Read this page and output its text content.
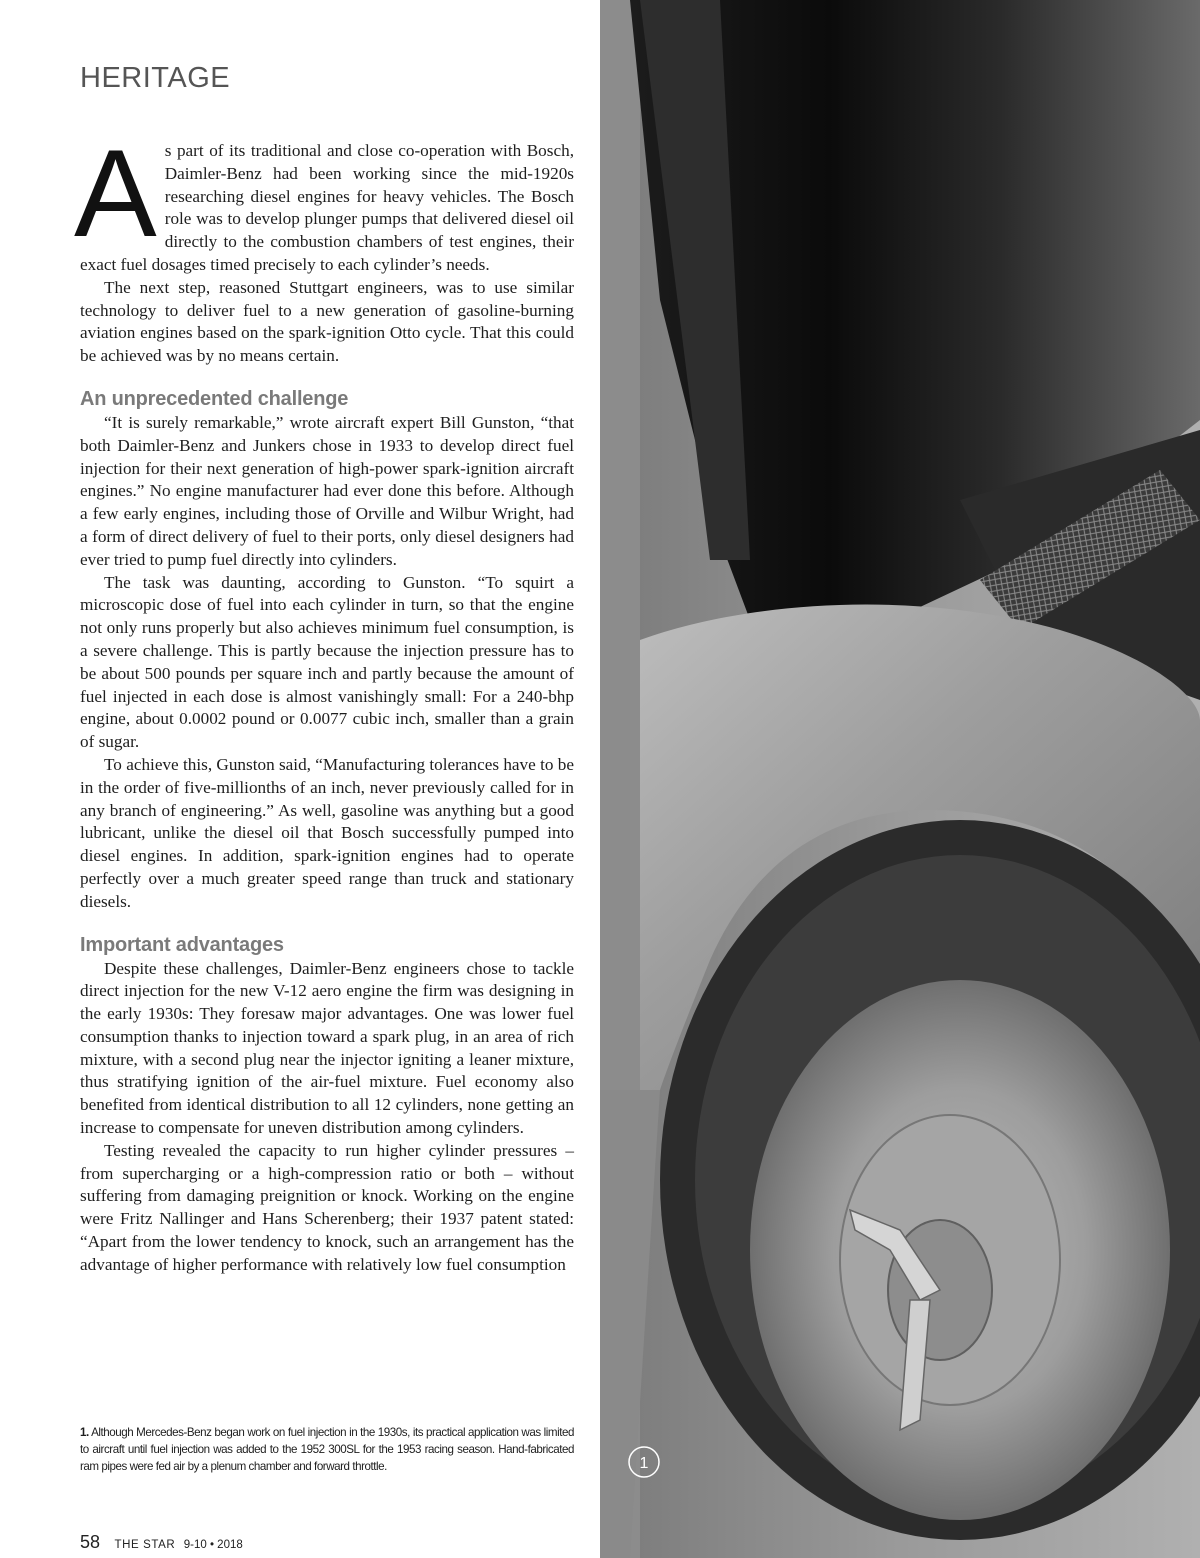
HERITAGE

As part of its traditional and close co-operation with Bosch, Daimler-Benz had been working since the mid-1920s researching diesel engines for heavy vehicles. The Bosch role was to develop plunger pumps that delivered diesel oil directly to the combustion chambers of test engines, their exact fuel dosages timed precisely to each cylinder’s needs.

The next step, reasoned Stuttgart engineers, was to use similar technology to deliver fuel to a new generation of gasoline-burning aviation engines based on the spark-ignition Otto cycle. That this could be achieved was by no means certain.

An unprecedented challenge

“It is surely remarkable,” wrote aircraft expert Bill Gunston, “that both Daimler-Benz and Junkers chose in 1933 to develop direct fuel injection for their next generation of high-power spark-ignition aircraft engines.” No engine manufacturer had ever done this before. Although a few early engines, including those of Orville and Wilbur Wright, had a form of direct delivery of fuel to their ports, only diesel designers had ever tried to pump fuel directly into cylinders.

The task was daunting, according to Gunston. “To squirt a microscopic dose of fuel into each cylinder in turn, so that the engine not only runs properly but also achieves minimum fuel consumption, is a severe challenge. This is partly because the injection pressure has to be about 500 pounds per square inch and partly because the amount of fuel injected in each dose is almost vanishingly small: For a 240-bhp engine, about 0.0002 pound or 0.0077 cubic inch, smaller than a grain of sugar.

To achieve this, Gunston said, “Manufacturing tolerances have to be in the order of five-millionths of an inch, never previously called for in any branch of engineering.” As well, gasoline was anything but a good lubricant, unlike the diesel oil that Bosch successfully pumped into diesel engines. In addition, spark-ignition engines had to operate perfectly over a much greater speed range than truck and stationary diesels.

Important advantages

Despite these challenges, Daimler-Benz engineers chose to tackle direct injection for the new V-12 aero engine the firm was designing in the early 1930s: They foresaw major advantages. One was lower fuel consumption thanks to injection toward a spark plug, in an area of rich mixture, with a second plug near the injector igniting a leaner mixture, thus stratifying ignition of the air-fuel mixture. Fuel economy also benefited from identical distribution to all 12 cylinders, none getting an increase to compensate for uneven distribution among cylinders.

Testing revealed the capacity to run higher cylinder pressures – from supercharging or a high-compression ratio or both – without suffering from damaging preignition or knock. Working on the engine were Fritz Nallinger and Hans Scherenberg; their 1937 patent stated: “Apart from the lower tendency to knock, such an arrangement has the advantage of higher performance with relatively low fuel consumption

1. Although Mercedes-Benz began work on fuel injection in the 1930s, its practical application was limited to aircraft until fuel injection was added to the 1952 300SL for the 1953 racing season. Hand-fabricated ram pipes were fed air by a plenum chamber and forward throttle.
58 THE STAR 9-10 • 2018
1
